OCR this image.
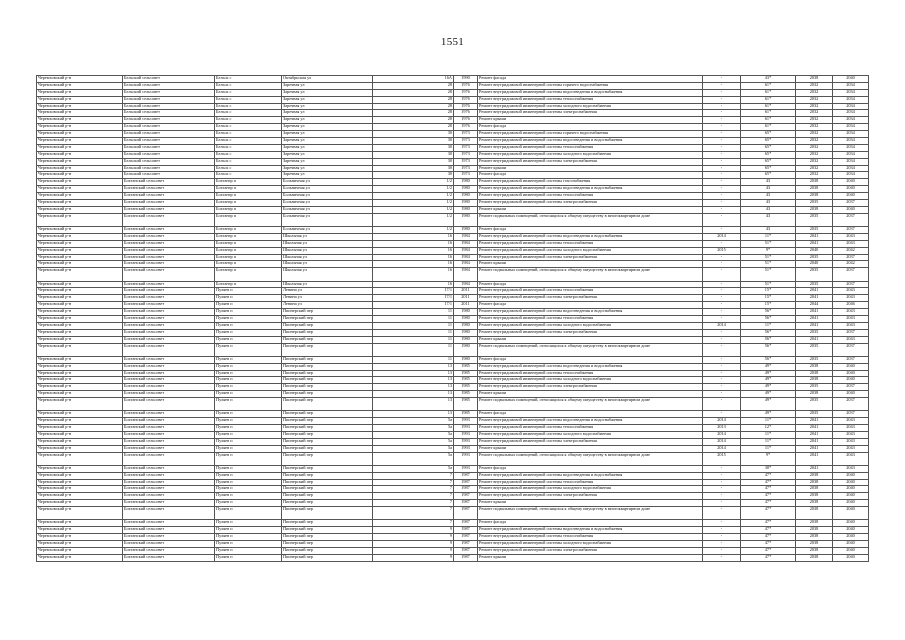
1551
Черемховский р-н	Бельский сельсовет	Бельск с	Октябрьская ул	16А	1990	Ремонт фасада	-	43*	2038	2040
Черемховский р-н	Бельский сельсовет	Бельск с	Заречная ул	28	1976	Ремонт внутридомовой инженерной системы горячего водоснабжения	-	61*	2032	2034
Черемховский р-н	Бельский сельсовет	Бельск с	Заречная ул	28	1976	Ремонт внутридомовой инженерной системы водоотведения и водоснабжения	-	61*	2032	2034
Черемховский р-н	Бельский сельсовет	Бельск с	Заречная ул	28	1976	Ремонт внутридомовой инженерной системы теплоснабжения	-	61*	2032	2034
Черемховский р-н	Бельский сельсовет	Бельск с	Заречная ул	28	1976	Ремонт внутридомовой инженерной системы холодного водоснабжения	-	61*	2032	2034
Черемховский р-н	Бельский сельсовет	Бельск с	Заречная ул	28	1976	Ремонт внутридомовой инженерной системы электроснабжения	-	61*	2032	2034
Черемховский р-н	Бельский сельсовет	Бельск с	Заречная ул	28	1976	Ремонт крыши	-	61*	2032	2034
Черемховский р-н	Бельский сельсовет	Бельск с	Заречная ул	28	1976	Ремонт фасада	-	61*	2032	2034
Черемховский р-н	Бельский сельсовет	Бельск с	Заречная ул	30	1973	Ремонт внутридомовой инженерной системы горячего водоснабжения	-	65*	2032	2034
Черемховский р-н	Бельский сельсовет	Бельск с	Заречная ул	30	1973	Ремонт внутридомовой инженерной системы водоотведения и водоснабжения	-	65*	2032	2034
Черемховский р-н	Бельский сельсовет	Бельск с	Заречная ул	30	1973	Ремонт внутридомовой инженерной системы теплоснабжения	-	65*	2032	2034
Черемховский р-н	Бельский сельсовет	Бельск с	Заречная ул	30	1973	Ремонт внутридомовой инженерной системы холодного водоснабжения	-	65*	2032	2034
Черемховский р-н	Бельский сельсовет	Бельск с	Заречная ул	30	1973	Ремонт внутридомовой инженерной системы электроснабжения	-	65*	2032	2034
Черемховский р-н	Бельский сельсовет	Бельск с	Заречная ул	30	1973	Ремонт крыши	-	65*	2032	2034
Черемховский р-н	Бельский сельсовет	Бельск с	Заречная ул	30	1973	Ремонт фасада	-	65*	2032	2034
Черемховский р-н	Бохтанский сельсовет	Бохтанэр п	Больничная ул	1/2	1980	Ремонт внутридомовой инженерной системы газоснабжения	-	43	2038	2040
Черемховский р-н	Бохтанский сельсовет	Бохтанэр п	Больничная ул	1/2	1980	Ремонт внутридомовой инженерной системы водоотведения и водоснабжения	-	43	2038	2040
Черемховский р-н	Бохтанский сельсовет	Бохтанэр п	Больничная ул	1/2	1980	Ремонт внутридомовой инженерной системы теплоснабжения	-	43	2038	2040
Черемховский р-н	Бохтанский сельсовет	Бохтанэр п	Больничная ул	1/2	1980	Ремонт внутридомовой инженерной системы электроснабжения	-	43	2035	2037
Черемховский р-н	Бохтанский сельсовет	Бохтанэр п	Больничная ул	1/2	1980	Ремонт крыши	-	43	2038	2040
Черемховский р-н	Бохтанский сельсовет	Бохтанэр п	Больничная ул	1/2	1980	Ремонт подвальных помещений, относящихся к общему имуществу в многоквартирном доме	-	43	2035	2037
Черемховский р-н	Бохтанский сельсовет	Бохтанэр п	Больничная ул	1/2	1980	Ремонт фасада	-	43	2035	2037
Черемховский р-н	Бохтанский сельсовет	Бохтанэр п	Школьная ул	16	1984	Ремонт внутридомовой инженерной системы водоотведения и водоснабжения	2014	11*	2041	2043
Черемховский р-н	Бохтанский сельсовет	Бохтанэр п	Школьная ул	16	1984	Ремонт внутридомовой инженерной системы теплоснабжения	-	51*	2041	2043
Черемховский р-н	Бохтанский сельсовет	Бохтанэр п	Школьная ул	16	1984	Ремонт внутридомовой инженерной системы холодного водоснабжения	2015	9*	2040	2042
Черемховский р-н	Бохтанский сельсовет	Бохтанэр п	Школьная ул	16	1984	Ремонт внутридомовой инженерной системы электроснабжения	-	51*	2035	2037
Черемховский р-н	Бохтанский сельсовет	Бохтанэр п	Школьная ул	16	1984	Ремонт крыши	-	51*	2040	2042
Черемховский р-н	Бохтанский сельсовет	Бохтанэр п	Школьная ул	16	1984	Ремонт подвальных помещений, относящихся к общему имуществу в многоквартирном доме	-	51*	2035	2037
Черемховский р-н	Бохтанский сельсовет	Бохтанэр п	Школьная ул	16	1984	Ремонт фасада	-	51*	2035	2037
Черемховский р-н	Бохтанский сельсовет	Пуляев п	Ленина ул	17/1	2011	Ремонт внутридомовой инженерной системы теплоснабжения	-	15*	2041	2043
Черемховский р-н	Бохтанский сельсовет	Пуляев п	Ленина ул	17/1	2011	Ремонт внутридомовой инженерной системы электроснабжения	-	15*	2041	2043
Черемховский р-н	Бохтанский сельсовет	Пуляев п	Ленина ул	17/1	2011	Ремонт фасада	-	15*	2044	2046
Черемховский р-н	Бохтанский сельсовет	Пуляев п	Пионерский пер	11	1980	Ремонт внутридомовой инженерной системы водоотведения и водоснабжения	-	56*	2041	2043
Черемховский р-н	Бохтанский сельсовет	Пуляев п	Пионерский пер	11	1980	Ремонт внутридомовой инженерной системы теплоснабжения	-	56*	2041	2043
Черемховский р-н	Бохтанский сельсовет	Пуляев п	Пионерский пер	11	1980	Ремонт внутридомовой инженерной системы холодного водоснабжения	2014	11*	2041	2043
Черемховский р-н	Бохтанский сельсовет	Пуляев п	Пионерский пер	11	1980	Ремонт внутридомовой инженерной системы электроснабжения	-	56*	2035	2037
Черемховский р-н	Бохтанский сельсовет	Пуляев п	Пионерский пер	11	1980	Ремонт крыши	-	56*	2041	2043
Черемховский р-н	Бохтанский сельсовет	Пуляев п	Пионерский пер	11	1980	Ремонт подвальных помещений, относящихся к общему имуществу в многоквартирном доме	-	56*	2035	2037
Черемховский р-н	Бохтанский сельсовет	Пуляев п	Пионерский пер	11	1980	Ремонт фасада	-	56*	2035	2037
Черемховский р-н	Бохтанский сельсовет	Пуляев п	Пионерский пер	13	1985	Ремонт внутридомовой инженерной системы водоотведения и водоснабжения	-	49*	2038	2040
Черемховский р-н	Бохтанский сельсовет	Пуляев п	Пионерский пер	13	1985	Ремонт внутридомовой инженерной системы теплоснабжения	-	49*	2038	2040
Черемховский р-н	Бохтанский сельсовет	Пуляев п	Пионерский пер	13	1985	Ремонт внутридомовой инженерной системы холодного водоснабжения	-	49*	2038	2040
Черемховский р-н	Бохтанский сельсовет	Пуляев п	Пионерский пер	13	1985	Ремонт внутридомовой инженерной системы электроснабжения	-	49*	2035	2037
Черемховский р-н	Бохтанский сельсовет	Пуляев п	Пионерский пер	13	1985	Ремонт крыши	-	49*	2038	2040
Черемховский р-н	Бохтанский сельсовет	Пуляев п	Пионерский пер	13	1985	Ремонт подвальных помещений, относящихся к общему имуществу в многоквартирном доме	-	49*	2035	2037
Черемховский р-н	Бохтанский сельсовет	Пуляев п	Пионерский пер	13	1985	Ремонт фасада	-	49*	2035	2037
Черемховский р-н	Бохтанский сельсовет	Пуляев п	Пионерский пер	5а	1993	Ремонт внутридомовой инженерной системы водоотведения и водоснабжения	2014	11*	2041	2043
Черемховский р-н	Бохтанский сельсовет	Пуляев п	Пионерский пер	5а	1993	Ремонт внутридомовой инженерной системы теплоснабжения	2013	12*	2041	2043
Черемховский р-н	Бохтанский сельсовет	Пуляев п	Пионерский пер	5а	1993	Ремонт внутридомовой инженерной системы холодного водоснабжения	2014	11*	2041	2043
Черемховский р-н	Бохтанский сельсовет	Пуляев п	Пионерский пер	5а	1993	Ремонт внутридомовой инженерной системы электроснабжения	2014	11*	2041	2043
Черемховский р-н	Бохтанский сельсовет	Пуляев п	Пионерский пер	5а	1993	Ремонт крыши	2014	11*	2041	2043
Черемховский р-н	Бохтанский сельсовет	Пуляев п	Пионерский пер	5а	1993	Ремонт подвальных помещений, относящихся к общему имуществу в многоквартирном доме	2015	9*	2041	2043
Черемховский р-н	Бохтанский сельсовет	Пуляев п	Пионерский пер	5а	1993	Ремонт фасада	-	38*	2041	2043
Черемховский р-н	Бохтанский сельсовет	Пуляев п	Пионерский пер	7	1987	Ремонт внутридомовой инженерной системы водоотведения и водоснабжения	-	47*	2038	2040
Черемховский р-н	Бохтанский сельсовет	Пуляев п	Пионерский пер	7	1987	Ремонт внутридомовой инженерной системы теплоснабжения	-	47*	2038	2040
Черемховский р-н	Бохтанский сельсовет	Пуляев п	Пионерский пер	7	1987	Ремонт внутридомовой инженерной системы холодного водоснабжения	-	47*	2038	2040
Черемховский р-н	Бохтанский сельсовет	Пуляев п	Пионерский пер	7	1987	Ремонт внутридомовой инженерной системы электроснабжения	-	47*	2038	2040
Черемховский р-н	Бохтанский сельсовет	Пуляев п	Пионерский пер	7	1987	Ремонт крыши	-	47*	2038	2040
Черемховский р-н	Бохтанский сельсовет	Пуляев п	Пионерский пер	7	1987	Ремонт подвальных помещений, относящихся к общему имуществу в многоквартирном доме	-	47*	2038	2040
Черемховский р-н	Бохтанский сельсовет	Пуляев п	Пионерский пер	7	1987	Ремонт фасада	-	47*	2038	2040
Черемховский р-н	Бохтанский сельсовет	Пуляев п	Пионерский пер	9	1987	Ремонт внутридомовой инженерной системы водоотведения и водоснабжения	-	47*	2038	2040
Черемховский р-н	Бохтанский сельсовет	Пуляев п	Пионерский пер	9	1987	Ремонт внутридомовой инженерной системы теплоснабжения	-	47*	2038	2040
Черемховский р-н	Бохтанский сельсовет	Пуляев п	Пионерский пер	9	1987	Ремонт внутридомовой инженерной системы холодного водоснабжения	-	47*	2038	2040
Черемховский р-н	Бохтанский сельсовет	Пуляев п	Пионерский пер	9	1987	Ремонт внутридомовой инженерной системы электроснабжения	-	47*	2038	2040
Черемховский р-н	Бохтанский сельсовет	Пуляев п	Пионерский пер	9	1987	Ремонт крыши	-	47*	2038	2040
